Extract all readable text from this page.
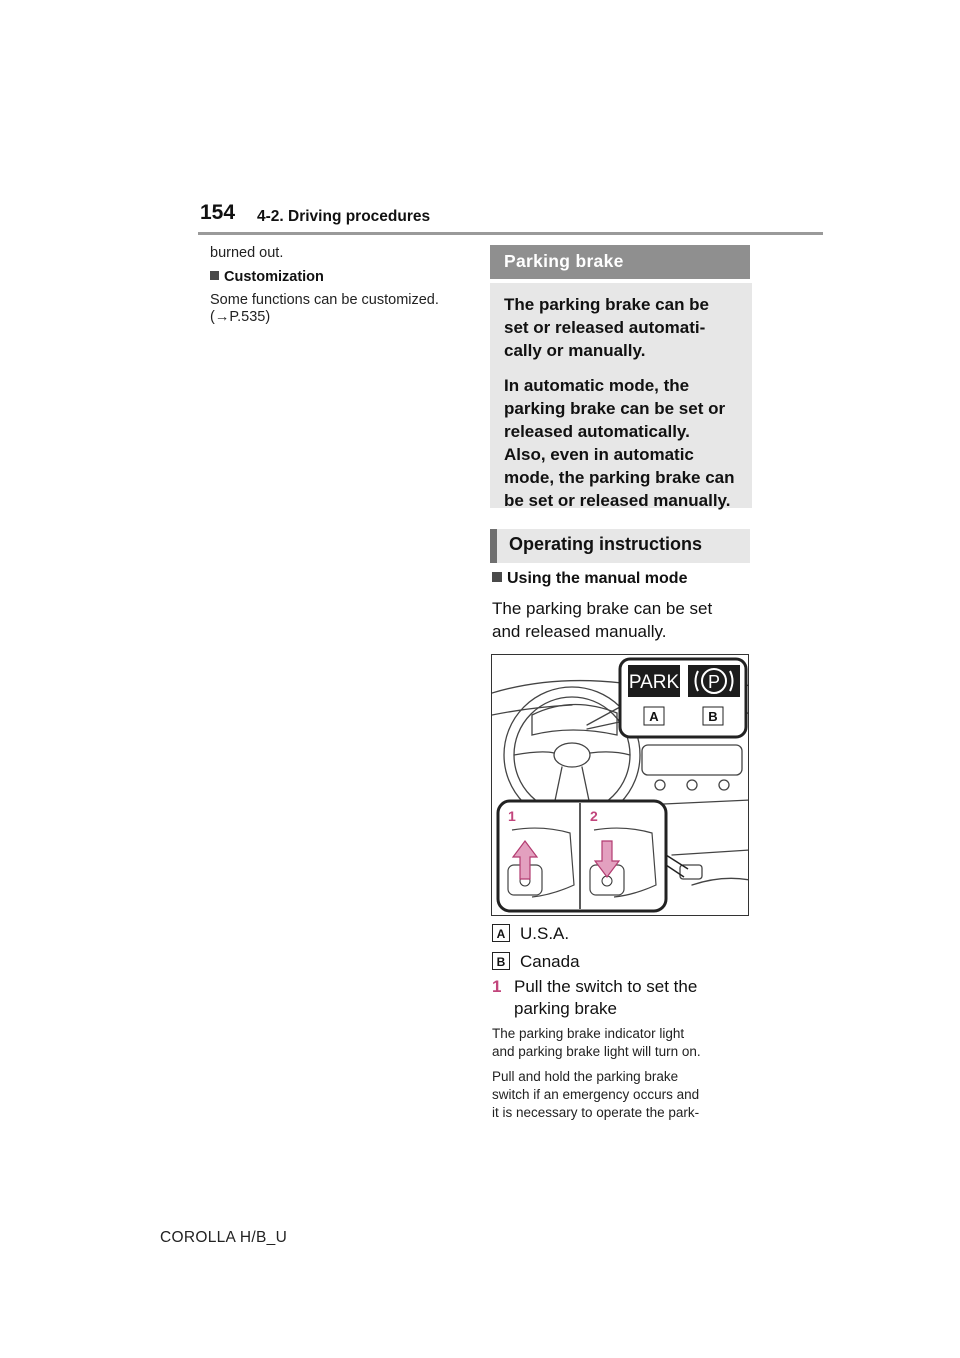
154 4-2. Driving procedures
burned out.
Customization
Some functions can be customized.
(→P.535)
Parking brake

The parking brake can be
set or released automati-
cally or manually.

In automatic mode, the
parking brake can be set or
released automatically.
Also, even in automatic
mode, the parking brake can
be set or released manually.

Operating instructions
Using the manual mode
The parking brake can be set
and released manually.
PARK P
A	B
1	2
A U.S.A.
B Canada
1 Pull the switch to set the
parking brake
The parking brake indicator light
and parking brake light will turn on.
Pull and hold the parking brake
switch if an emergency occurs and
it is necessary to operate the park-
COROLLA H/B_U
